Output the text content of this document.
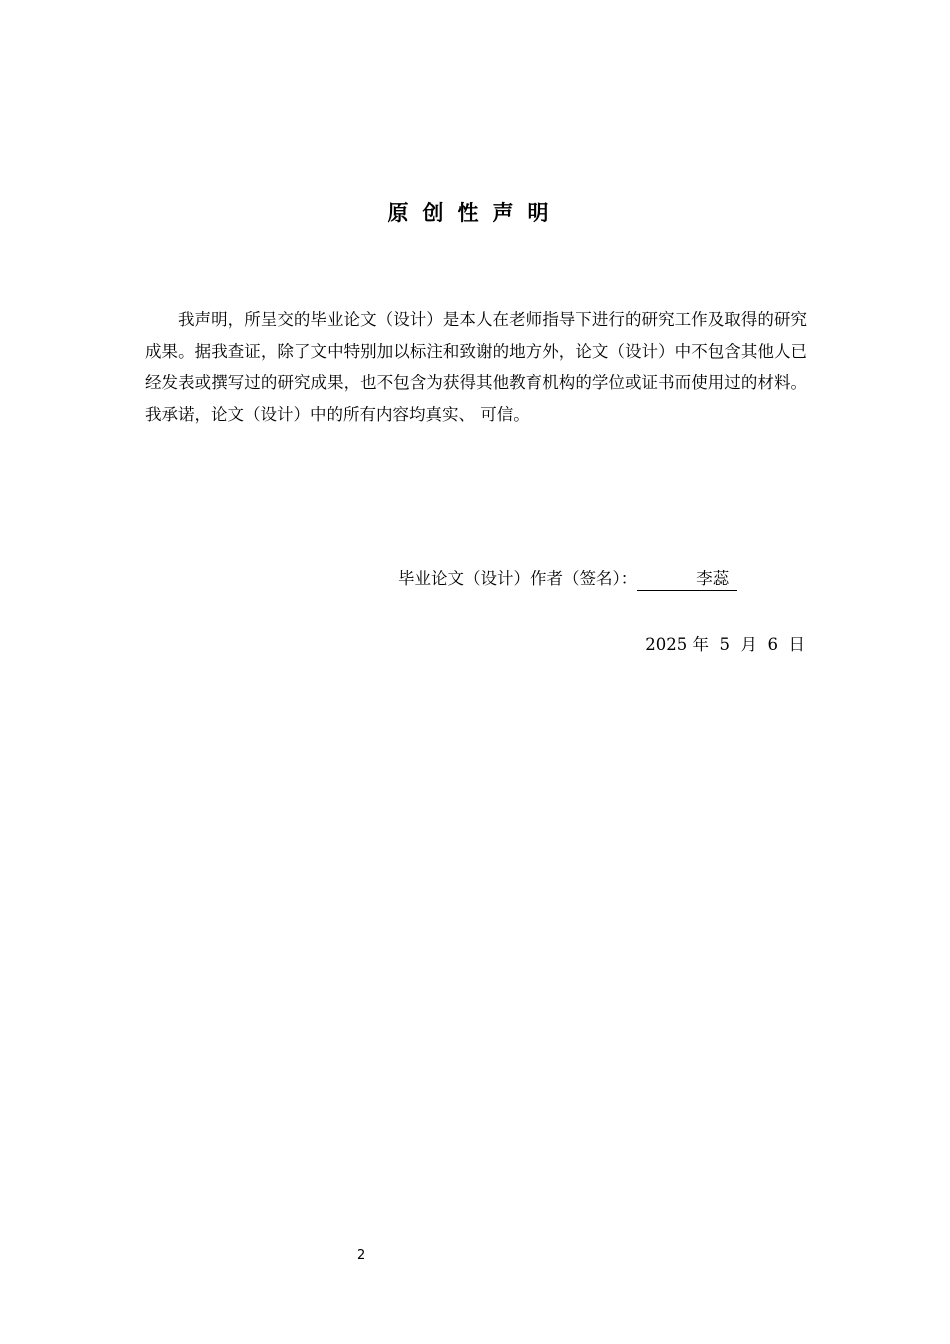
原创性声明

我声明，所呈交的毕业论文（设计）是本人在老师指导下进行的研究工作及取得的研究成果。据我查证，除了文中特别加以标注和致谢的地方外，论文（设计）中不包含其他人已经发表或撰写过的研究成果，也不包含为获得其他教育机构的学位或证书而使用过的材料。我承诺，论文（设计）中的所有内容均真实、 可信。

毕业论文（设计）作者（签名）：	李蕊
2025 年  5  月  6  日
2
